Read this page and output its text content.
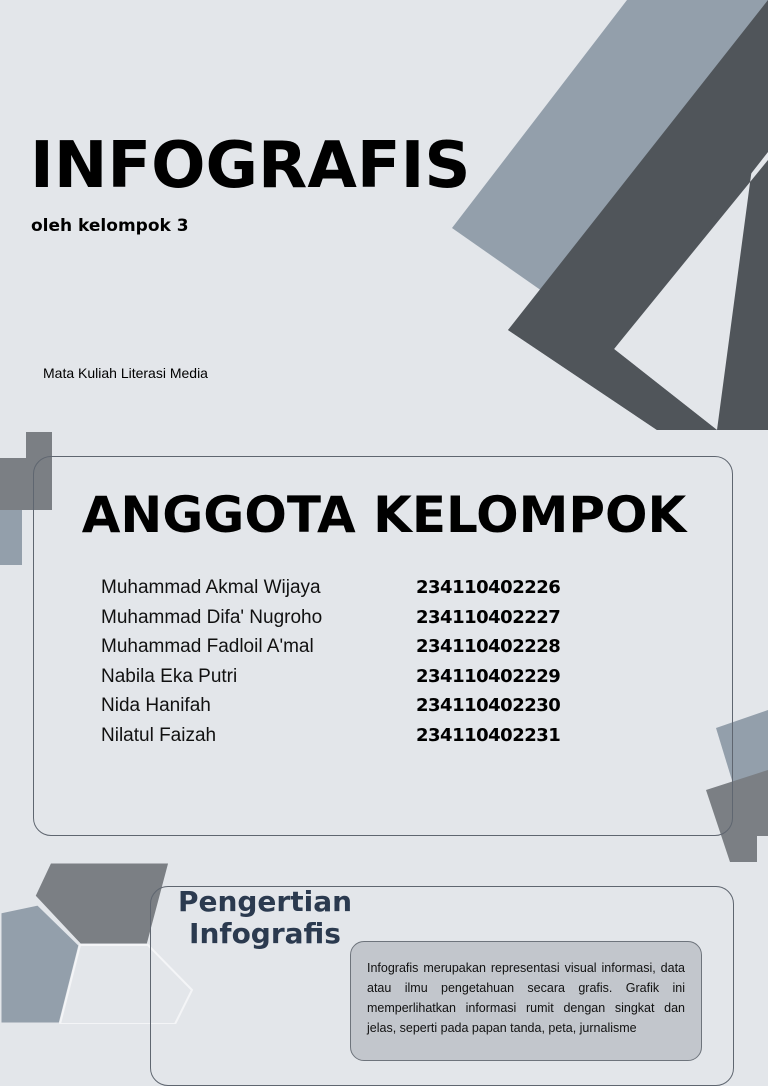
INFOGRAFIS
oleh kelompok 3
Mata Kuliah Literasi Media
ANGGOTA KELOMPOK
Muhammad Akmal Wijaya	234110402226
Muhammad Difa' Nugroho	234110402227
Muhammad Fadloil A'mal	234110402228
Nabila Eka Putri	234110402229
Nida Hanifah	234110402230
Nilatul Faizah	234110402231
Pengertian
Infografis
Infografis merupakan representasi visual informasi, data atau ilmu pengetahuan secara grafis. Grafik ini memperlihatkan informasi rumit dengan singkat dan jelas, seperti pada papan tanda, peta, jurnalisme
